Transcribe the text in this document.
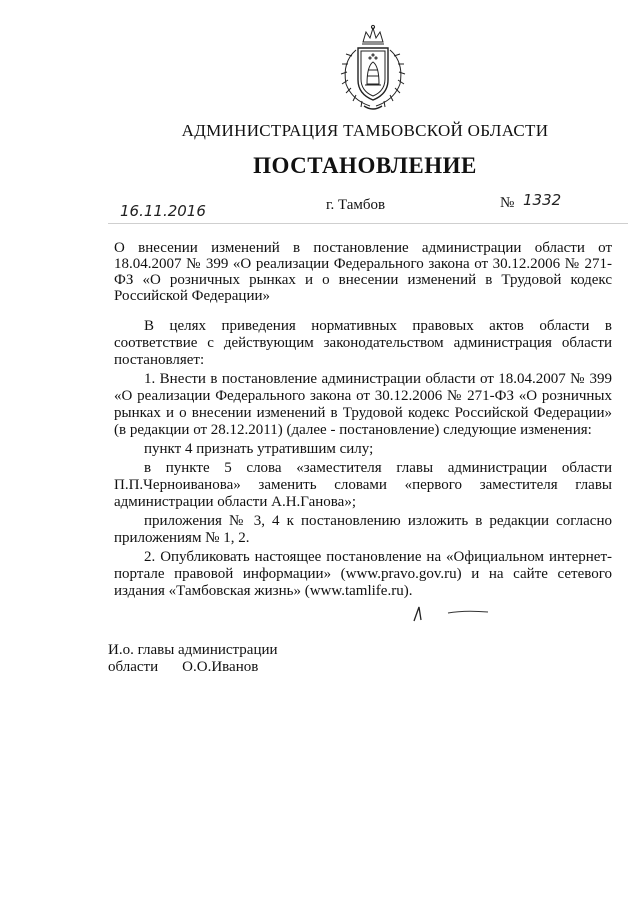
АДМИНИСТРАЦИЯ ТАМБОВСКОЙ ОБЛАСТИ
ПОСТАНОВЛЕНИЕ
16.11.2016	г. Тамбов	№ 1332
О внесении изменений в постановление администрации области от 18.04.2007 № 399 «О реализации Федерального закона от 30.12.2006 № 271-ФЗ «О розничных рынках и о внесении изменений в Трудовой кодекс Российской Федерации»

В целях приведения нормативных правовых актов области в соответствие с действующим законодательством администрация области постановляет:

1. Внести в постановление администрации области от 18.04.2007 № 399 «О реализации Федерального закона от 30.12.2006 № 271-ФЗ «О розничных рынках и о внесении изменений в Трудовой кодекс Российской Федерации» (в редакции от 28.12.2011) (далее - постановление) следующие изменения:

пункт 4 признать утратившим силу;

в пункте 5 слова «заместителя главы администрации области П.П.Черноиванова» заменить словами «первого заместителя главы администрации области А.Н.Ганова»;

приложения № 3, 4 к постановлению изложить в редакции согласно приложениям № 1, 2.

2. Опубликовать настоящее постановление на «Официальном интернет-портале правовой информации» (www.pravo.gov.ru) и на сайте сетевого издания «Тамбовская жизнь» (www.tamlife.ru).

И.о. главы администрации
области О.О.Иванов
